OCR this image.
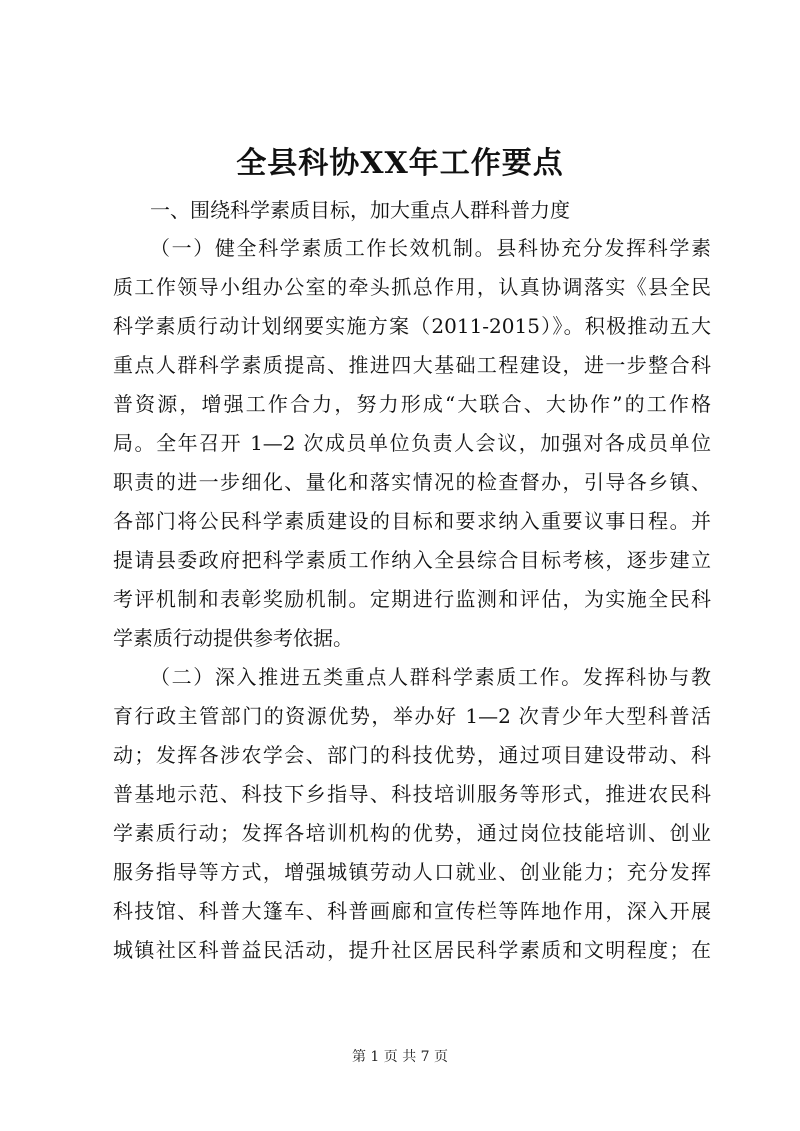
全县科协XX年工作要点

一、围绕科学素质目标，加大重点人群科普力度

（一）健全科学素质工作长效机制。县科协充分发挥科学素

质工作领导小组办公室的牵头抓总作用，认真协调落实《县全民

科学素质行动计划纲要实施方案（2011-2015）》。积极推动五大

重点人群科学素质提高、推进四大基础工程建设，进一步整合科

普资源，增强工作合力，努力形成“大联合、大协作”的工作格

局。全年召开 1—2 次成员单位负责人会议，加强对各成员单位

职责的进一步细化、量化和落实情况的检查督办，引导各乡镇、

各部门将公民科学素质建设的目标和要求纳入重要议事日程。并

提请县委政府把科学素质工作纳入全县综合目标考核，逐步建立

考评机制和表彰奖励机制。定期进行监测和评估，为实施全民科

学素质行动提供参考依据。

（二）深入推进五类重点人群科学素质工作。发挥科协与教

育行政主管部门的资源优势，举办好 1—2 次青少年大型科普活

动；发挥各涉农学会、部门的科技优势，通过项目建设带动、科

普基地示范、科技下乡指导、科技培训服务等形式，推进农民科

学素质行动；发挥各培训机构的优势，通过岗位技能培训、创业

服务指导等方式，增强城镇劳动人口就业、创业能力；充分发挥

科技馆、科普大篷车、科普画廊和宣传栏等阵地作用，深入开展

城镇社区科普益民活动，提升社区居民科学素质和文明程度；在

第 1 页 共 7 页
